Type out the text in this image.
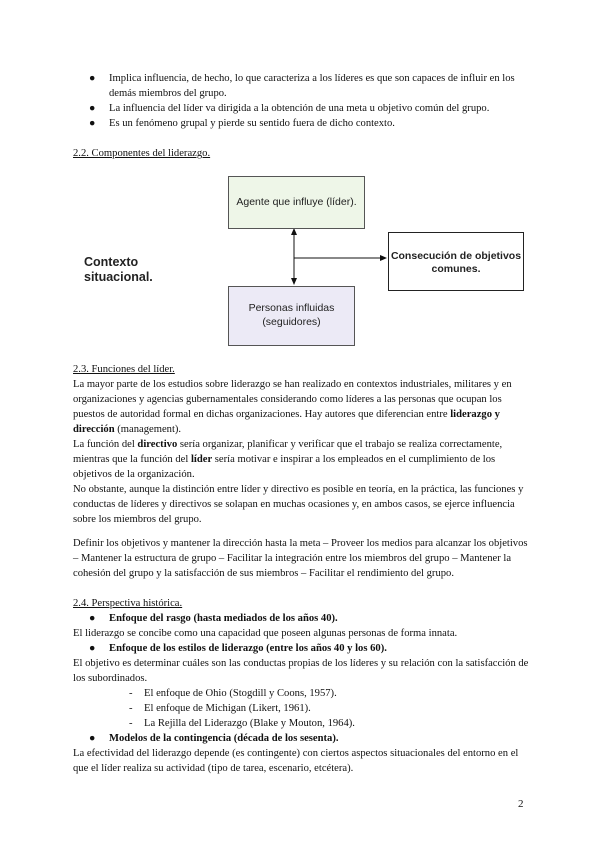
● Implica influencia, de hecho, lo que caracteriza a los líderes es que son capaces de influir en los demás miembros del grupo.
● La influencia del líder va dirigida a la obtención de una meta u objetivo común del grupo.
● Es un fenómeno grupal y pierde su sentido fuera de dicho contexto.
2.2. Componentes del liderazgo.
Agente que influye (líder).
Personas influidas
(seguidores)
Consecución de objetivos
comunes.
Contexto situacional.
2.3. Funciones del líder.
La mayor parte de los estudios sobre liderazgo se han realizado en contextos industriales, militares y en organizaciones y agencias gubernamentales considerando como líderes a las personas que ocupan los puestos de autoridad formal en dichas organizaciones. Hay autores que diferencian entre liderazgo y dirección (management).
La función del directivo sería organizar, planificar y verificar que el trabajo se realiza correctamente, mientras que la función del líder sería motivar e inspirar a los empleados en el cumplimiento de los objetivos de la organización.
No obstante, aunque la distinción entre líder y directivo es posible en teoría, en la práctica, las funciones y conductas de líderes y directivos se solapan en muchas ocasiones y, en ambos casos, se ejerce influencia sobre los miembros del grupo.
Definir los objetivos y mantener la dirección hasta la meta – Proveer los medios para alcanzar los objetivos – Mantener la estructura de grupo – Facilitar la integración entre los miembros del grupo – Mantener la cohesión del grupo y la satisfacción de sus miembros – Facilitar el rendimiento del grupo.
2.4. Perspectiva histórica.
● Enfoque del rasgo (hasta mediados de los años 40).
El liderazgo se concibe como una capacidad que poseen algunas personas de forma innata.
● Enfoque de los estilos de liderazgo (entre los años 40 y los 60).
El objetivo es determinar cuáles son las conductas propias de los líderes y su relación con la satisfacción de los subordinados.
- El enfoque de Ohio (Stogdill y Coons, 1957).
- El enfoque de Michigan (Likert, 1961).
- La Rejilla del Liderazgo (Blake y Mouton, 1964).
● Modelos de la contingencia (década de los sesenta).
La efectividad del liderazgo depende (es contingente) con ciertos aspectos situacionales del entorno en el que el líder realiza su actividad (tipo de tarea, escenario, etcétera).
2
